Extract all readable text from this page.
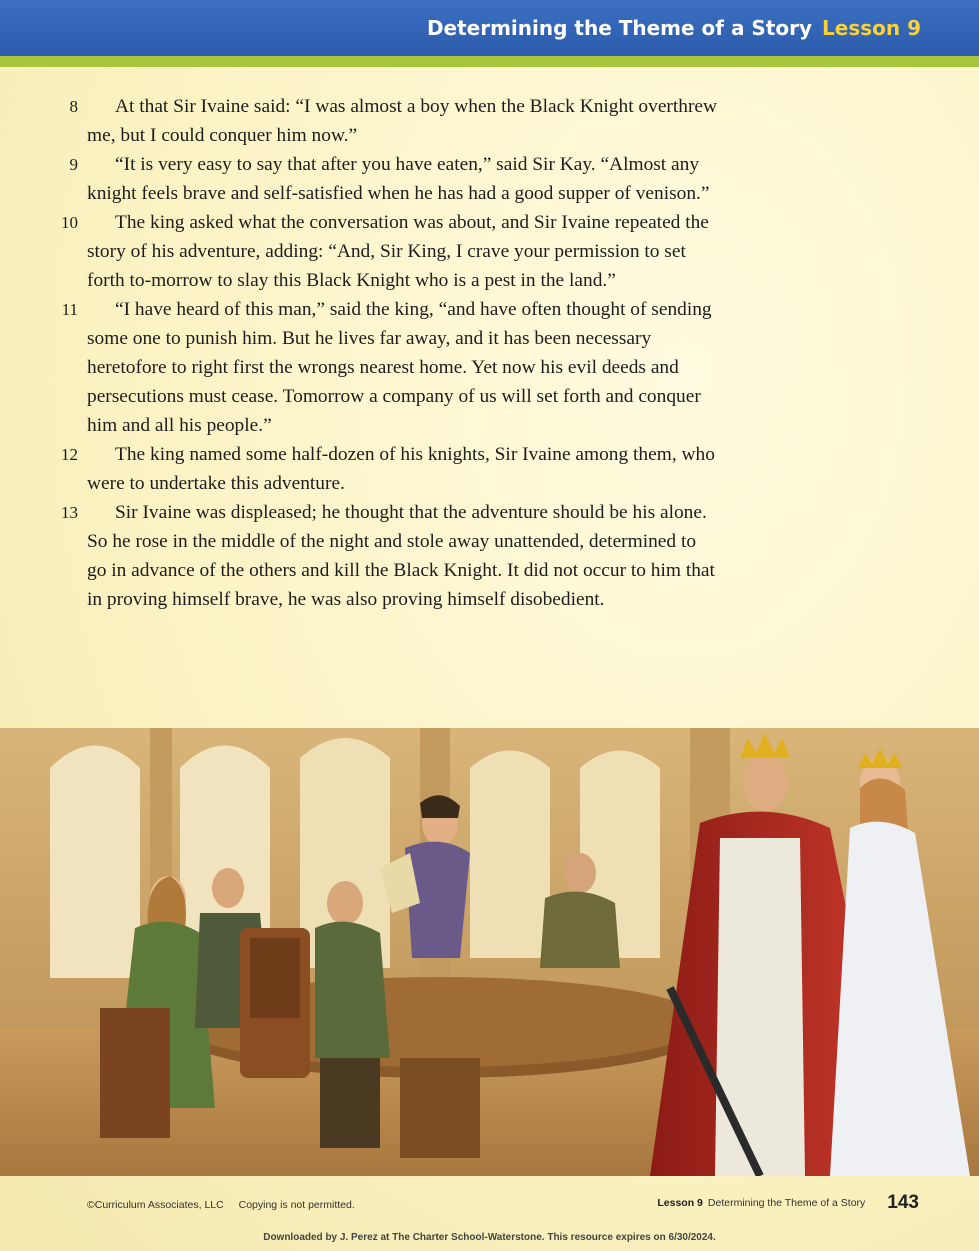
Determining the Theme of a Story Lesson 9
8	At that Sir Ivaine said: “I was almost a boy when the Black Knight overthrew me, but I could conquer him now.”
9	“It is very easy to say that after you have eaten,” said Sir Kay. “Almost any knight feels brave and self-satisfied when he has had a good supper of venison.”
10	The king asked what the conversation was about, and Sir Ivaine repeated the story of his adventure, adding: “And, Sir King, I crave your permission to set forth to-morrow to slay this Black Knight who is a pest in the land.”
11	“I have heard of this man,” said the king, “and have often thought of sending some one to punish him. But he lives far away, and it has been necessary heretofore to right first the wrongs nearest home. Yet now his evil deeds and persecutions must cease. Tomorrow a company of us will set forth and conquer him and all his people.”
12	The king named some half-dozen of his knights, Sir Ivaine among them, who were to undertake this adventure.
13	Sir Ivaine was displeased; he thought that the adventure should be his alone. So he rose in the middle of the night and stole away unattended, determined to go in advance of the others and kill the Black Knight. It did not occur to him that in proving himself brave, he was also proving himself disobedient.
©Curriculum Associates, LLC Copying is not permitted.	Lesson 9 Determining the Theme of a Story 143
Downloaded by J. Perez at The Charter School-Waterstone. This resource expires on 6/30/2024.
